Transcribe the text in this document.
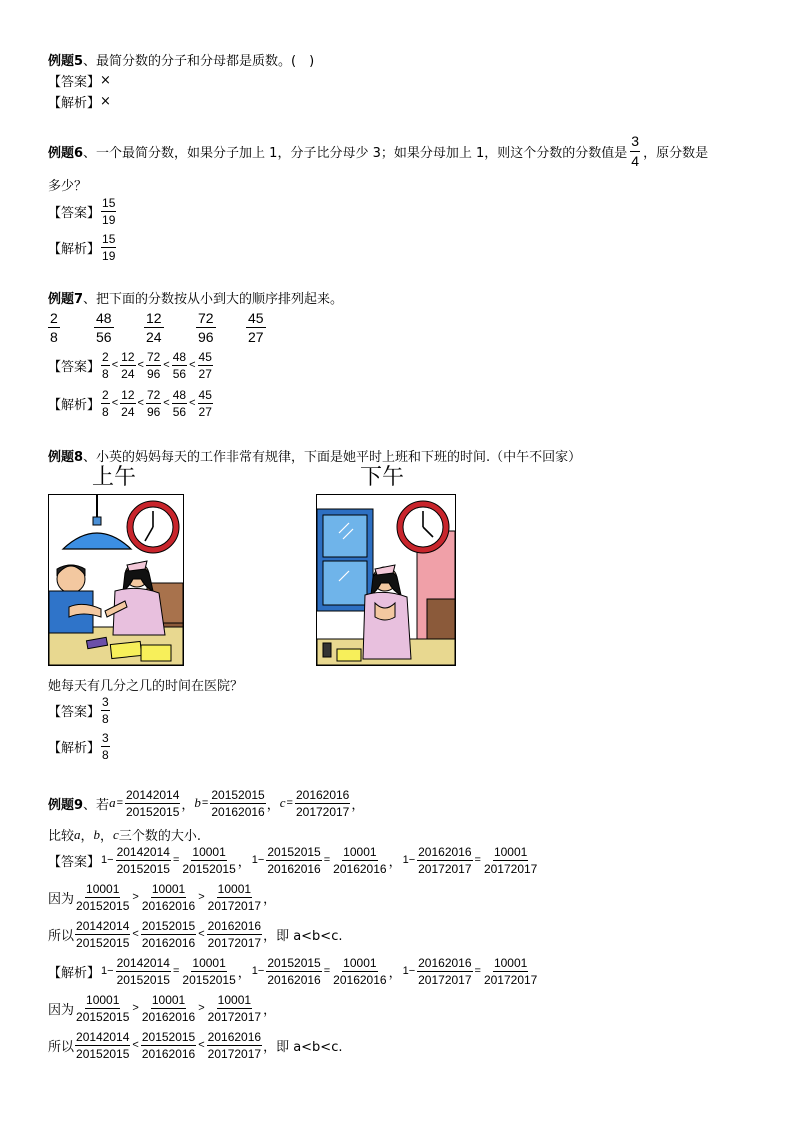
例题5 、最简分数的分子和分母都是质数。(　)
【答案】 ×
【解析】 ×
例题6 、一个最简分数，如果分子加上 1，分子比分母少 3；如果分母加上 1，则这个分数的分数值是 $\frac{3}{4}$ ，原分数是
多少？
【答案】 $\frac{15}{19}$
【解析】 $\frac{15}{19}$
例题7 、把下面的分数按从小到大的顺序排列起来。
$\frac{2}{8} \frac{48}{56} \frac{12}{24} \frac{72}{96} \frac{45}{27}$
【答案】 $\frac{2}{8} < \frac{12}{24} < \frac{72}{96} < \frac{48}{56} < \frac{45}{27}$
【解析】 $\frac{2}{8} < \frac{12}{24} < \frac{72}{96} < \frac{48}{56} < \frac{45}{27}$
例题8 、小英的妈妈每天的工作非常有规律，下面是她平时上班和下班的时间.（中午不回家）
上午	下午
她每天有几分之几的时间在医院？
【答案】 $\frac{3}{8}$
【解析】 $\frac{3}{8}$
例题9 、若 $a = \frac{20142014}{20152015}$ ， $b = \frac{20152015}{20162016}$ ， $c = \frac{20162016}{20172017}$ ，
比较 a ， b ， c 三个数的大小.
【答案】 $1- \frac{20142014}{20152015} = \frac{10001}{20152015}$ ， $1- \frac{20152015}{20162016} = \frac{10001}{20162016}$ ， $1- \frac{20162016}{20172017} = \frac{10001}{20172017}$
因为 $\frac{10001}{20152015} > \frac{10001}{20162016} > \frac{10001}{20172017}$ ，
所以 $\frac{20142014}{20152015} < \frac{20152015}{20162016} < \frac{20162016}{20172017}$ ，即 a<b<c.
【解析】 $1- \frac{20142014}{20152015} = \frac{10001}{20152015}$ ， $1- \frac{20152015}{20162016} = \frac{10001}{20162016}$ ， $1- \frac{20162016}{20172017} = \frac{10001}{20172017}$
因为 $\frac{10001}{20152015} > \frac{10001}{20162016} > \frac{10001}{20172017}$ ，
所以 $\frac{20142014}{20152015} < \frac{20152015}{20162016} < \frac{20162016}{20172017}$ ，即 a<b<c.
